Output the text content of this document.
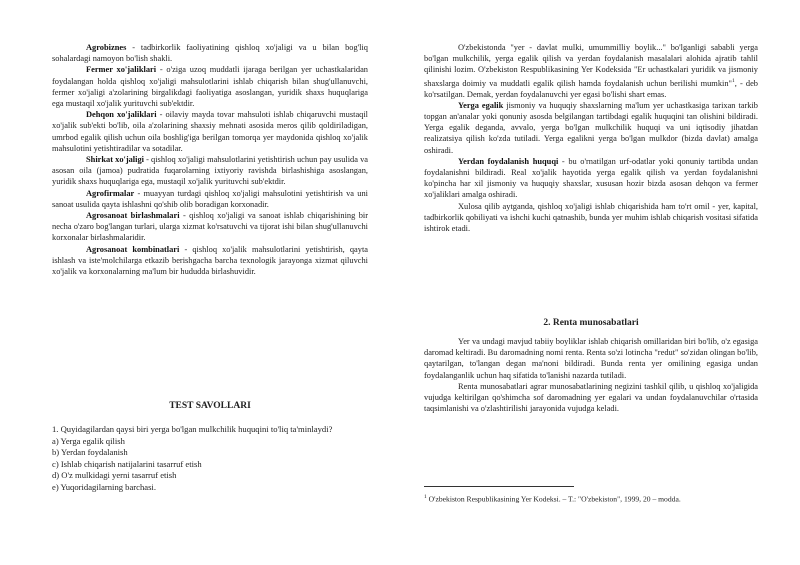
Agrobiznes - tadbirkorlik faoliyatining qishloq xo'jaligi va u bilan bog'liq sohalardagi namoyon bo'lish shakli.

Fermer xo'jaliklari - o'ziga uzoq muddatli ijaraga berilgan yer uchastkalaridan foydalangan holda qishloq xo'jaligi mahsulotlarini ishlab chiqarish bilan shug'ullanuvchi, fermer xo'jaligi a'zolarining birgalikdagi faoliyatiga asoslangan, yuridik shaxs huquqlariga ega mustaqil xo'jalik yurituvchi sub'ektdir.

Dehqon xo'jaliklari - oilaviy mayda tovar mahsuloti ishlab chiqaruvchi mustaqil xo'jalik sub'ekti bo'lib, oila a'zolarining shaxsiy mehnati asosida meros qilib qoldiriladigan, umrbod egalik qilish uchun oila boshlig'iga berilgan tomorqa yer maydonida qishloq xo'jalik mahsulotini yetishtiradilar va sotadilar.

Shirkat xo'jaligi - qishloq xo'jaligi mahsulotlarini yetishtirish uchun pay usulida va asosan oila (jamoa) pudratida fuqarolarning ixtiyoriy ravishda birlashishiga asoslangan, yuridik shaxs huquqlariga ega, mustaqil xo'jalik yurituvchi sub'ektdir.

Agrofirmalar - muayyan turdagi qishloq xo'jaligi mahsulotini yetishtirish va uni sanoat usulida qayta ishlashni qo'shib olib boradigan korxonadir.

Agrosanoat birlashmalari - qishloq xo'jaligi va sanoat ishlab chiqarishining bir necha o'zaro bog'langan turlari, ularga xizmat ko'rsatuvchi va tijorat ishi bilan shug'ullanuvchi korxonalar birlashmalaridir.

Agrosanoat kombinatlari - qishloq xo'jalik mahsulotlarini yetishtirish, qayta ishlash va iste'molchilarga etkazib berishgacha barcha texnologik jarayonga xizmat qiluvchi xo'jalik va korxonalarning ma'lum bir hududda birlashuvidir.

TEST SAVOLLARI

1. Quyidagilardan qaysi biri yerga bo'lgan mulkchilik huquqini to'liq ta'minlaydi?

a) Yerga egalik qilish
b) Yerdan foydalanish
c) Ishlab chiqarish natijalarini tasarruf etish
d) O'z mulkidagi yerni tasarruf etish
e) Yuqoridagilarning barchasi.

O'zbekistonda "yer - davlat mulki, umummilliy boylik..." bo'lganligi sababli yerga bo'lgan mulkchilik, yerga egalik qilish va yerdan foydalanish masalalari alohida ajratib tahlil qilinishi lozim. O'zbekiston Respublikasining Yer Kodeksida "Er uchastkalari yuridik va jismoniy shaxslarga doimiy va muddatli egalik qilish hamda foydalanish uchun berilishi mumkin"$^1$, - deb ko'rsatilgan. Demak, yerdan foydalanuvchi yer egasi bo'lishi shart emas.

Yerga egalik jismoniy va huquqiy shaxslarning ma'lum yer uchastkasiga tarixan tarkib topgan an'analar yoki qonuniy asosda belgilangan tartibdagi egalik huquqini tan olishini bildiradi. Yerga egalik deganda, avvalo, yerga bo'lgan mulkchilik huquqi va uni iqtisodiy jihatdan realizatsiya qilish ko'zda tutiladi. Yerga egalikni yerga bo'lgan mulkdor (bizda davlat) amalga oshiradi.

Yerdan foydalanish huquqi - bu o'rnatilgan urf-odatlar yoki qonuniy tartibda undan foydalanishni bildiradi. Real xo'jalik hayotida yerga egalik qilish va yerdan foydalanishni ko'pincha har xil jismoniy va huquqiy shaxslar, xususan hozir bizda asosan dehqon va fermer xo'jaliklari amalga oshiradi.

Xulosa qilib aytganda, qishloq xo'jaligi ishlab chiqarishida ham to'rt omil - yer, kapital, tadbirkorlik qobiliyati va ishchi kuchi qatnashib, bunda yer muhim ishlab chiqarish vositasi sifatida ishtirok etadi.

2. Renta munosabatlari

Yer va undagi mavjud tabiiy boyliklar ishlab chiqarish omillaridan biri bo'lib, o'z egasiga daromad keltiradi. Bu daromadning nomi renta. Renta so'zi lotincha "redut" so'zidan olingan bo'lib, qaytarilgan, to'langan degan ma'noni bildiradi. Bunda renta yer omilining egasiga undan foydalanganlik uchun haq sifatida to'lanishi nazarda tutiladi.

Renta munosabatlari agrar munosabatlarining negizini tashkil qilib, u qishloq xo'jaligida vujudga keltirilgan qo'shimcha sof daromadning yer egalari va undan foydalanuvchilar o'rtasida taqsimlanishi va o'zlashtirilishi jarayonida vujudga keladi.

$^1$ O'zbekiston Respublikasining Yer Kodeksi. – T.: "O'zbekiston", 1999, 20 – modda.
